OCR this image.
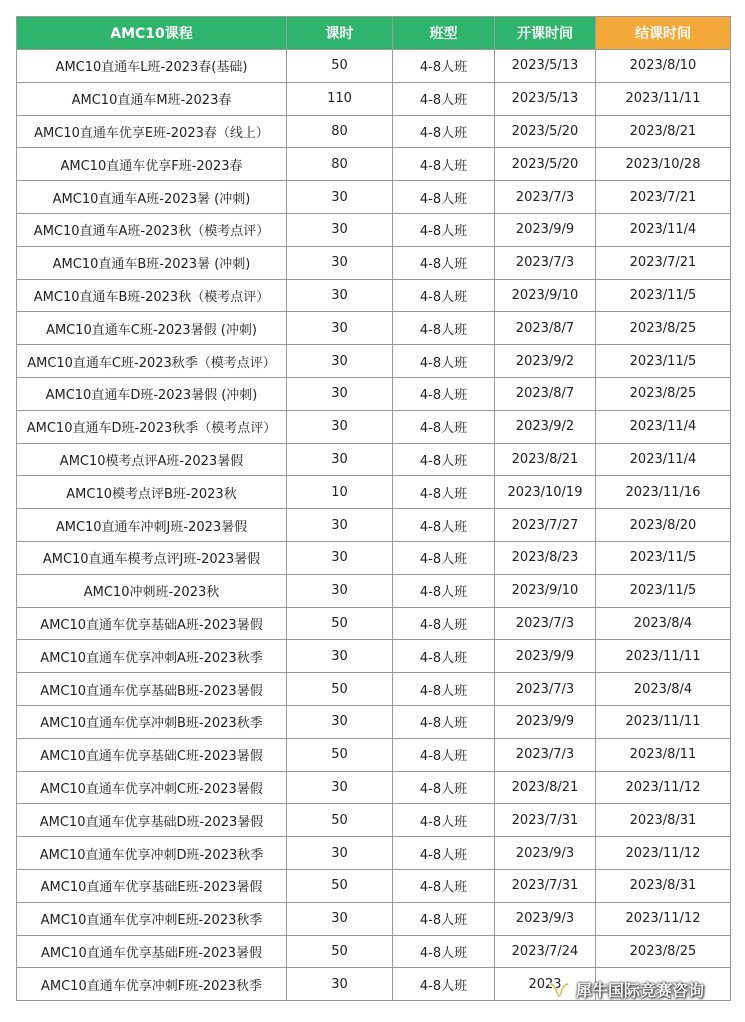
AMC10课程	课时	班型	开课时间	结课时间
AMC10直通车L班-2023春(基础)	50	4-8人班	2023/5/13	2023/8/10
AMC10直通车M班-2023春	110	4-8人班	2023/5/13	2023/11/11
AMC10直通车优享E班-2023春（线上）	80	4-8人班	2023/5/20	2023/8/21
AMC10直通车优享F班-2023春	80	4-8人班	2023/5/20	2023/10/28
AMC10直通车A班-2023暑 (冲刺)	30	4-8人班	2023/7/3	2023/7/21
AMC10直通车A班-2023秋（模考点评）	30	4-8人班	2023/9/9	2023/11/4
AMC10直通车B班-2023暑 (冲刺)	30	4-8人班	2023/7/3	2023/7/21
AMC10直通车B班-2023秋（模考点评）	30	4-8人班	2023/9/10	2023/11/5
AMC10直通车C班-2023暑假 (冲刺)	30	4-8人班	2023/8/7	2023/8/25
AMC10直通车C班-2023秋季（模考点评）	30	4-8人班	2023/9/2	2023/11/5
AMC10直通车D班-2023暑假 (冲刺)	30	4-8人班	2023/8/7	2023/8/25
AMC10直通车D班-2023秋季（模考点评）	30	4-8人班	2023/9/2	2023/11/4
AMC10模考点评A班-2023暑假	30	4-8人班	2023/8/21	2023/11/4
AMC10模考点评B班-2023秋	10	4-8人班	2023/10/19	2023/11/16
AMC10直通车冲刺J班-2023暑假	30	4-8人班	2023/7/27	2023/8/20
AMC10直通车模考点评J班-2023暑假	30	4-8人班	2023/8/23	2023/11/5
AMC10冲刺班-2023秋	30	4-8人班	2023/9/10	2023/11/5
AMC10直通车优享基础A班-2023暑假	50	4-8人班	2023/7/3	2023/8/4
AMC10直通车优享冲刺A班-2023秋季	30	4-8人班	2023/9/9	2023/11/11
AMC10直通车优享基础B班-2023暑假	50	4-8人班	2023/7/3	2023/8/4
AMC10直通车优享冲刺B班-2023秋季	30	4-8人班	2023/9/9	2023/11/11
AMC10直通车优享基础C班-2023暑假	50	4-8人班	2023/7/3	2023/8/11
AMC10直通车优享冲刺C班-2023暑假	30	4-8人班	2023/8/21	2023/11/12
AMC10直通车优享基础D班-2023暑假	50	4-8人班	2023/7/31	2023/8/31
AMC10直通车优享冲刺D班-2023秋季	30	4-8人班	2023/9/3	2023/11/12
AMC10直通车优享基础E班-2023暑假	50	4-8人班	2023/7/31	2023/8/31
AMC10直通车优享冲刺E班-2023秋季	30	4-8人班	2023/9/3	2023/11/12
AMC10直通车优享基础F班-2023暑假	50	4-8人班	2023/7/24	2023/8/25
AMC10直通车优享冲刺F班-2023秋季	30	4-8人班	2023	犀牛国际竞赛咨询
